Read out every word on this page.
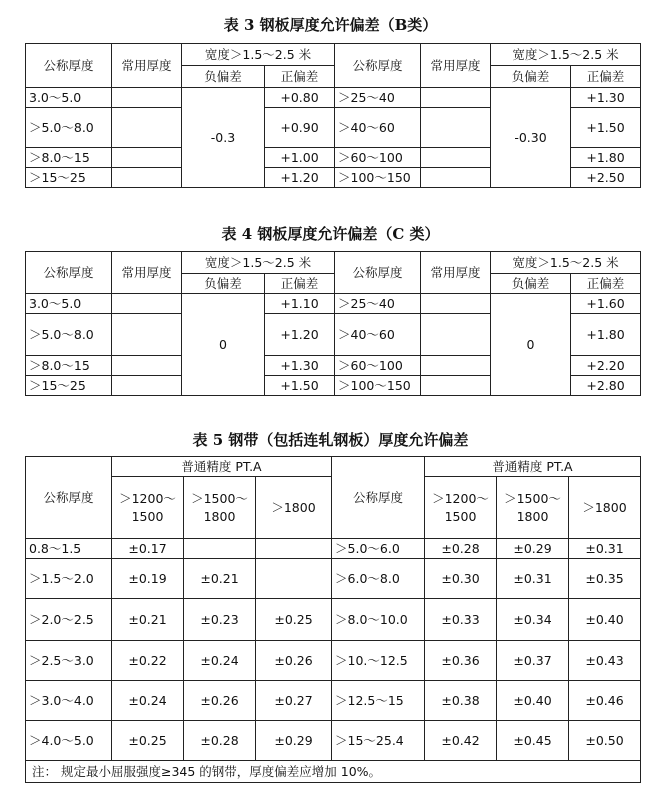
表 3 钢板厚度允许偏差（B类）
公称厚度	常用厚度	宽度＞1.5～2.5 米		公称厚度	常用厚度	宽度＞1.5～2.5 米	
		负偏差	正偏差			负偏差	正偏差
3.0～5.0		-0.3	+0.80	＞25～40		-0.30	+1.30
＞5.0～8.0			+0.90	＞40～60			+1.50
＞8.0～15			+1.00	＞60～100			+1.80
＞15～25			+1.20	＞100～150			+2.50
表 4 钢板厚度允许偏差（C 类）
公称厚度	常用厚度	宽度＞1.5～2.5 米		公称厚度	常用厚度	宽度＞1.5～2.5 米	
		负偏差	正偏差			负偏差	正偏差
3.0～5.0		0	+1.10	＞25～40		0	+1.60
＞5.0～8.0			+1.20	＞40～60			+1.80
＞8.0～15			+1.30	＞60～100			+2.20
＞15～25			+1.50	＞100～150			+2.80
表 5 钢带（包括连轧钢板）厚度允许偏差
公称厚度	普通精度 PT.A			公称厚度	普通精度 PT.A		
	＞1200～1500	＞1500～1800	＞1800		＞1200～1500	＞1500～1800	＞1800
0.8～1.5	±0.17			＞5.0～6.0	±0.28	±0.29	±0.31
＞1.5～2.0	±0.19	±0.21		＞6.0～8.0	±0.30	±0.31	±0.35
＞2.0～2.5	±0.21	±0.23	±0.25	＞8.0～10.0	±0.33	±0.34	±0.40
＞2.5～3.0	±0.22	±0.24	±0.26	＞10.～12.5	±0.36	±0.37	±0.43
＞3.0～4.0	±0.24	±0.26	±0.27	＞12.5～15	±0.38	±0.40	±0.46
＞4.0～5.0	±0.25	±0.28	±0.29	＞15～25.4	±0.42	±0.45	±0.50
注： 规定最小屈服强度≥345 的钢带，厚度偏差应增加 10%。							
